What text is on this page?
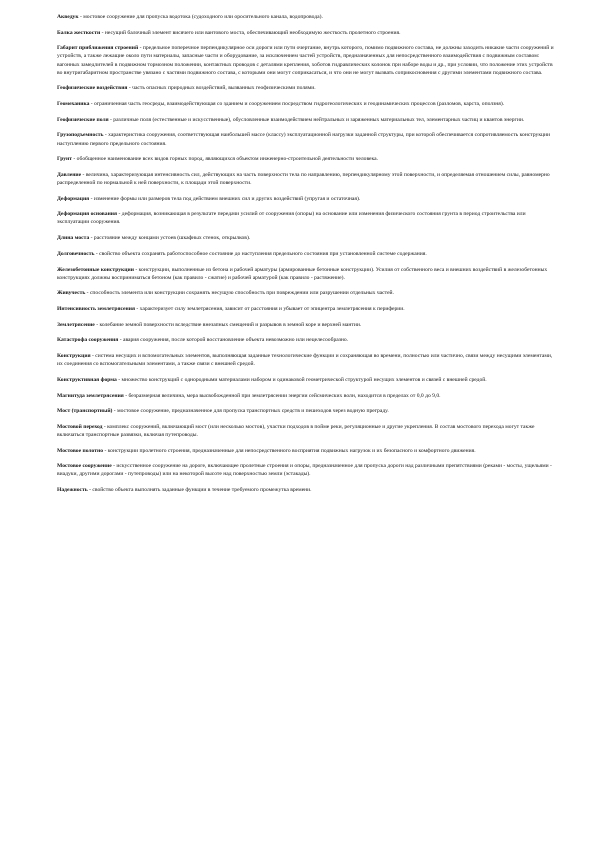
Акведук - мостовое сооружение для пропуска водотока (судоходного или оросительного канала, водопровода).

Балка жесткости - несущий балочный элемент висячего или вантового моста, обеспечивающий необходимую жесткость пролетного строения.

Габарит приближения строений - предельное поперечное перпендикулярное оси дороги или пути очертание, внутрь которого, помимо подвижного состава, не должны заходить никакие части сооружений и устройств, а также лежащие около пути материалы, запасные части и оборудование, за исключением частей устройств, предназначенных для непосредственного взаимодействия с подвижным составом: вагонных замедлителей в подвижном тормозном положении, контактных проводов с деталями крепления, хоботов гидравлических колонок при наборе воды и др., при условии, что положение этих устройств во внутригабаритном пространстве увязано с частями подвижного состава, с которыми они могут соприкасаться, и что они не могут вызвать соприкосновения с другими элементами подвижного состава.

Геофизические воздействия - часть опасных природных воздействий, вызванных геофизическими полями.

Геомеханика - ограниченная часть геосреды, взаимодействующая со зданием и сооружением посредством гидрогеологических и геодинамических процессов (разломов, карста, оползня).

Геофизические поля - различные поля (естественные и искусственные), обусловленные взаимодействием нейтральных и заряженных материальных тел, элементарных частиц и квантов энергии.

Грузоподъемность - характеристика сооружения, соответствующая наибольшей массе (классу) эксплуатационной нагрузки заданной структуры, при которой обеспечивается сопротивляемость конструкции наступлению первого предельного состояния.

Грунт - обобщенное наименование всех видов горных пород, являющихся объектом инженерно-строительной деятельности человека.

Давление - величина, характеризующая интенсивность сил, действующих на часть поверхности тела по направлению, перпендикулярному этой поверхности, и определяемая отношением силы, равномерно распределенной по нормальной к ней поверхности, к площади этой поверхности.

Деформация - изменение формы или размеров тела под действием внешних сил и других воздействий (упругая и остаточная).

Деформация основания - деформация, возникающая в результате передачи усилий от сооружения (опоры) на основание или изменения физического состояния грунта в период строительства или эксплуатации сооружения.

Длина моста - расстояние между концами устоев (шкафных стенок, открылков).

Долговечность - свойство объекта сохранять работоспособное состояние до наступления предельного состояния при установленной системе содержания.

Железобетонные конструкции - конструкции, выполненные из бетона и рабочей арматуры (армированные бетонные конструкции). Усилия от собственного веса и внешних воздействий в железобетонных конструкциях должны восприниматься бетоном (как правило - сжатие) и рабочей арматурой (как правило - растяжение).

Живучесть - способность элемента или конструкции сохранять несущую способность при повреждении или разрушении отдельных частей.

Интенсивность землетрясения - характеризует силу землетрясения, зависит от расстояния и убывает от эпицентра землетрясения к периферии.

Землетрясение - колебание земной поверхности вследствие внезапных смещений и разрывов в земной коре и верхней мантии.

Катастрофа сооружения - авария сооружения, после которой восстановление объекта невозможно или нецелесообразно.

Конструкция - система несущих и вспомогательных элементов, выполняющая заданные технологические функции и сохраняющая во времени, полностью или частично, связи между несущими элементами, их соединения со вспомогательными элементами, а также связи с внешней средой.

Конструктивная форма - множество конструкций с однородными материалами набором и одинаковой геометрической структурой несущих элементов и связей с внешней средой.

Магнитуда землетрясения - безразмерная величина, мера высвобожденной при землетрясении энергии сейсмических волн, находится в пределах от 0,0 до 9,0.

Мост (транспортный) - мостовое сооружение, предназначенное для пропуска транспортных средств и пешеходов через водную преграду.

Мостовой переход - комплекс сооружений, включающий мост (или несколько мостов), участки подходов в пойме реки, регуляционные и другие укрепления. В состав мостового перехода могут также включаться транспортные развязки, включая путепроводы.

Мостовое полотно - конструкции пролетного строения, предназначенные для непосредственного восприятия подвижных нагрузок и их безопасного и комфортного движения.

Мостовое сооружение - искусственное сооружение на дороге, включающее пролетные строения и опоры, предназначенное для пропуска дороги над различными препятствиями (реками - мосты, ущельями - виадуки, другими дорогами - путепроводы) или на некоторой высоте над поверхностью земли (эстакады).

Надежность - свойство объекта выполнять заданные функции в течение требуемого промежутка времени.
